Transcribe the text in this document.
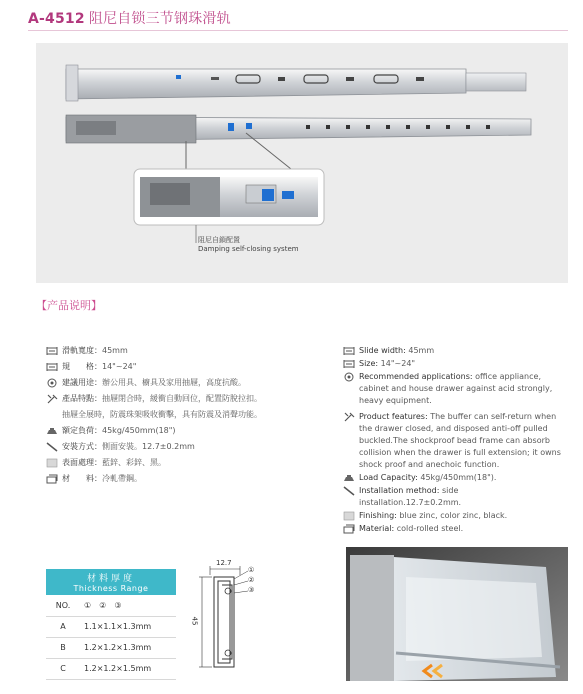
A-4512 阻尼自锁三节钢珠滑轨
阻尼自鎖配置
Damping self-closing system
【产品说明】
滑軌寬度： 45mm
規　　格： 14"~24"
建議用途： 辦公用具、櫥具及家用抽屜，高度抗酸。
產品特點： 抽屜閉合時，緩衝自動回位，配置防脫拉扣。
抽屜全展時，防震珠架吸收衝擊，具有防震及消聲功能。
額定負荷： 45kg/450mm(18")
安裝方式： 側面安裝。12.7±0.2mm
表面處理： 藍鋅、彩鋅、黑。
材　　料： 冷軋帶鋼。
Slide width: 45mm
Size: 14"~24"
Recommended applications: office appliance, cabinet and house drawer against acid strongly, heavy equipment.
Product features: The buffer can self-return when the drawer closed, and disposed anti-off pulled buckled.The shockproof bead frame can absorb collision when the drawer is full extension; it owns shock proof and anechoic function.
Load Capacity: 45kg/450mm(18").
Installation method: side installation.12.7±0.2mm.
Finishing: blue zinc, color zinc, black.
Material: cold-rolled steel.
材料厚度
Thickness Range
NO.	①　②　③
A	1.1×1.1×1.3mm
B	1.2×1.2×1.3mm
C	1.2×1.2×1.5mm
12.7
45
①
②
③
